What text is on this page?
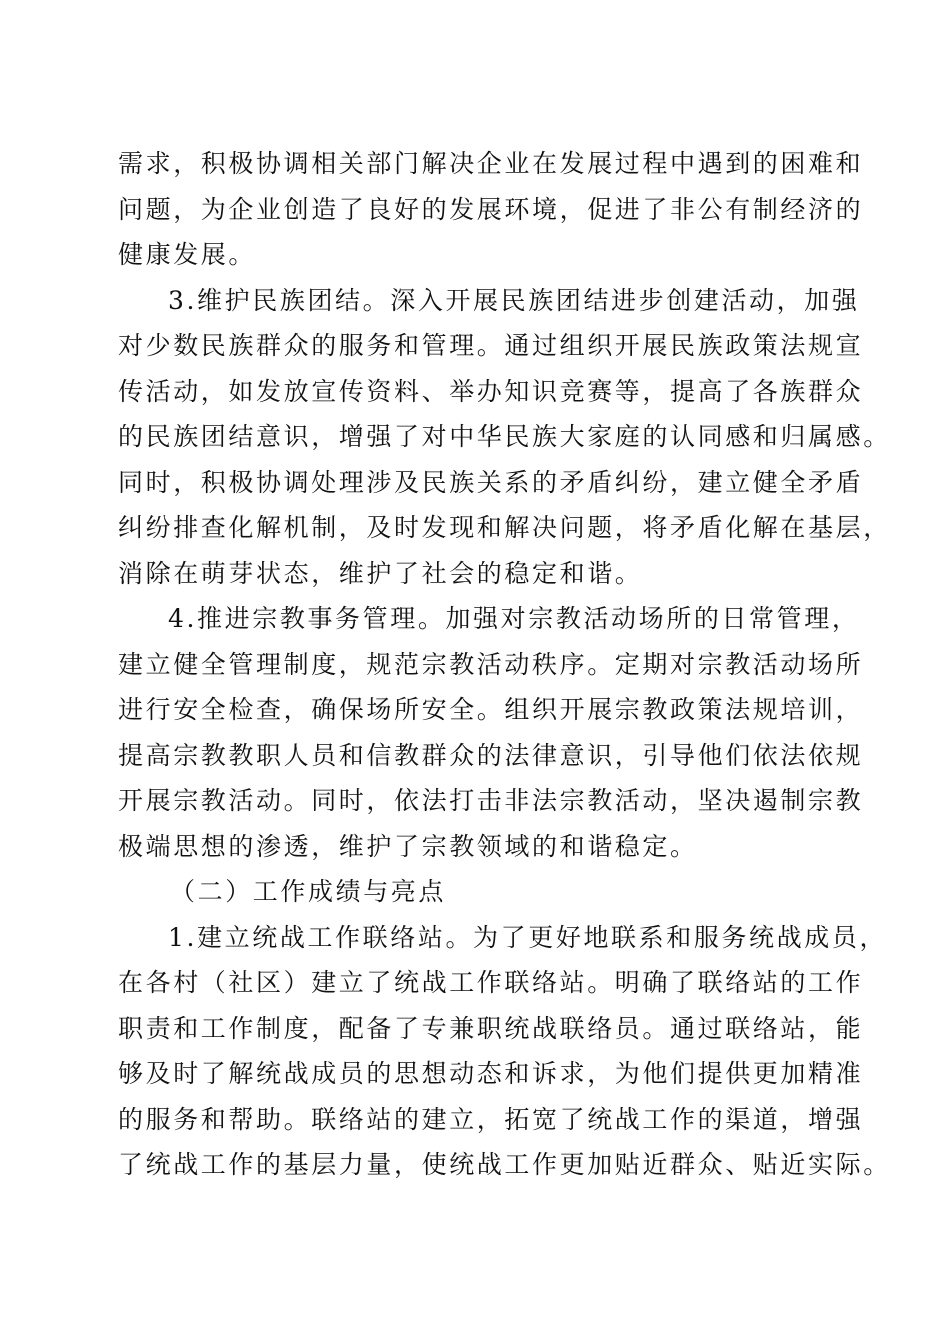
需求，积极协调相关部门解决企业在发展过程中遇到的困难和
问题，为企业创造了良好的发展环境，促进了非公有制经济的
健康发展。
3.维护民族团结。深入开展民族团结进步创建活动，加强
对少数民族群众的服务和管理。通过组织开展民族政策法规宣
传活动，如发放宣传资料、举办知识竞赛等，提高了各族群众
的民族团结意识，增强了对中华民族大家庭的认同感和归属感。
同时，积极协调处理涉及民族关系的矛盾纠纷，建立健全矛盾
纠纷排查化解机制，及时发现和解决问题，将矛盾化解在基层，
消除在萌芽状态，维护了社会的稳定和谐。
4.推进宗教事务管理。加强对宗教活动场所的日常管理，
建立健全管理制度，规范宗教活动秩序。定期对宗教活动场所
进行安全检查，确保场所安全。组织开展宗教政策法规培训，
提高宗教教职人员和信教群众的法律意识，引导他们依法依规
开展宗教活动。同时，依法打击非法宗教活动，坚决遏制宗教
极端思想的渗透，维护了宗教领域的和谐稳定。
（二）工作成绩与亮点
1.建立统战工作联络站。为了更好地联系和服务统战成员，
在各村（社区）建立了统战工作联络站。明确了联络站的工作
职责和工作制度，配备了专兼职统战联络员。通过联络站，能
够及时了解统战成员的思想动态和诉求，为他们提供更加精准
的服务和帮助。联络站的建立，拓宽了统战工作的渠道，增强
了统战工作的基层力量，使统战工作更加贴近群众、贴近实际。
